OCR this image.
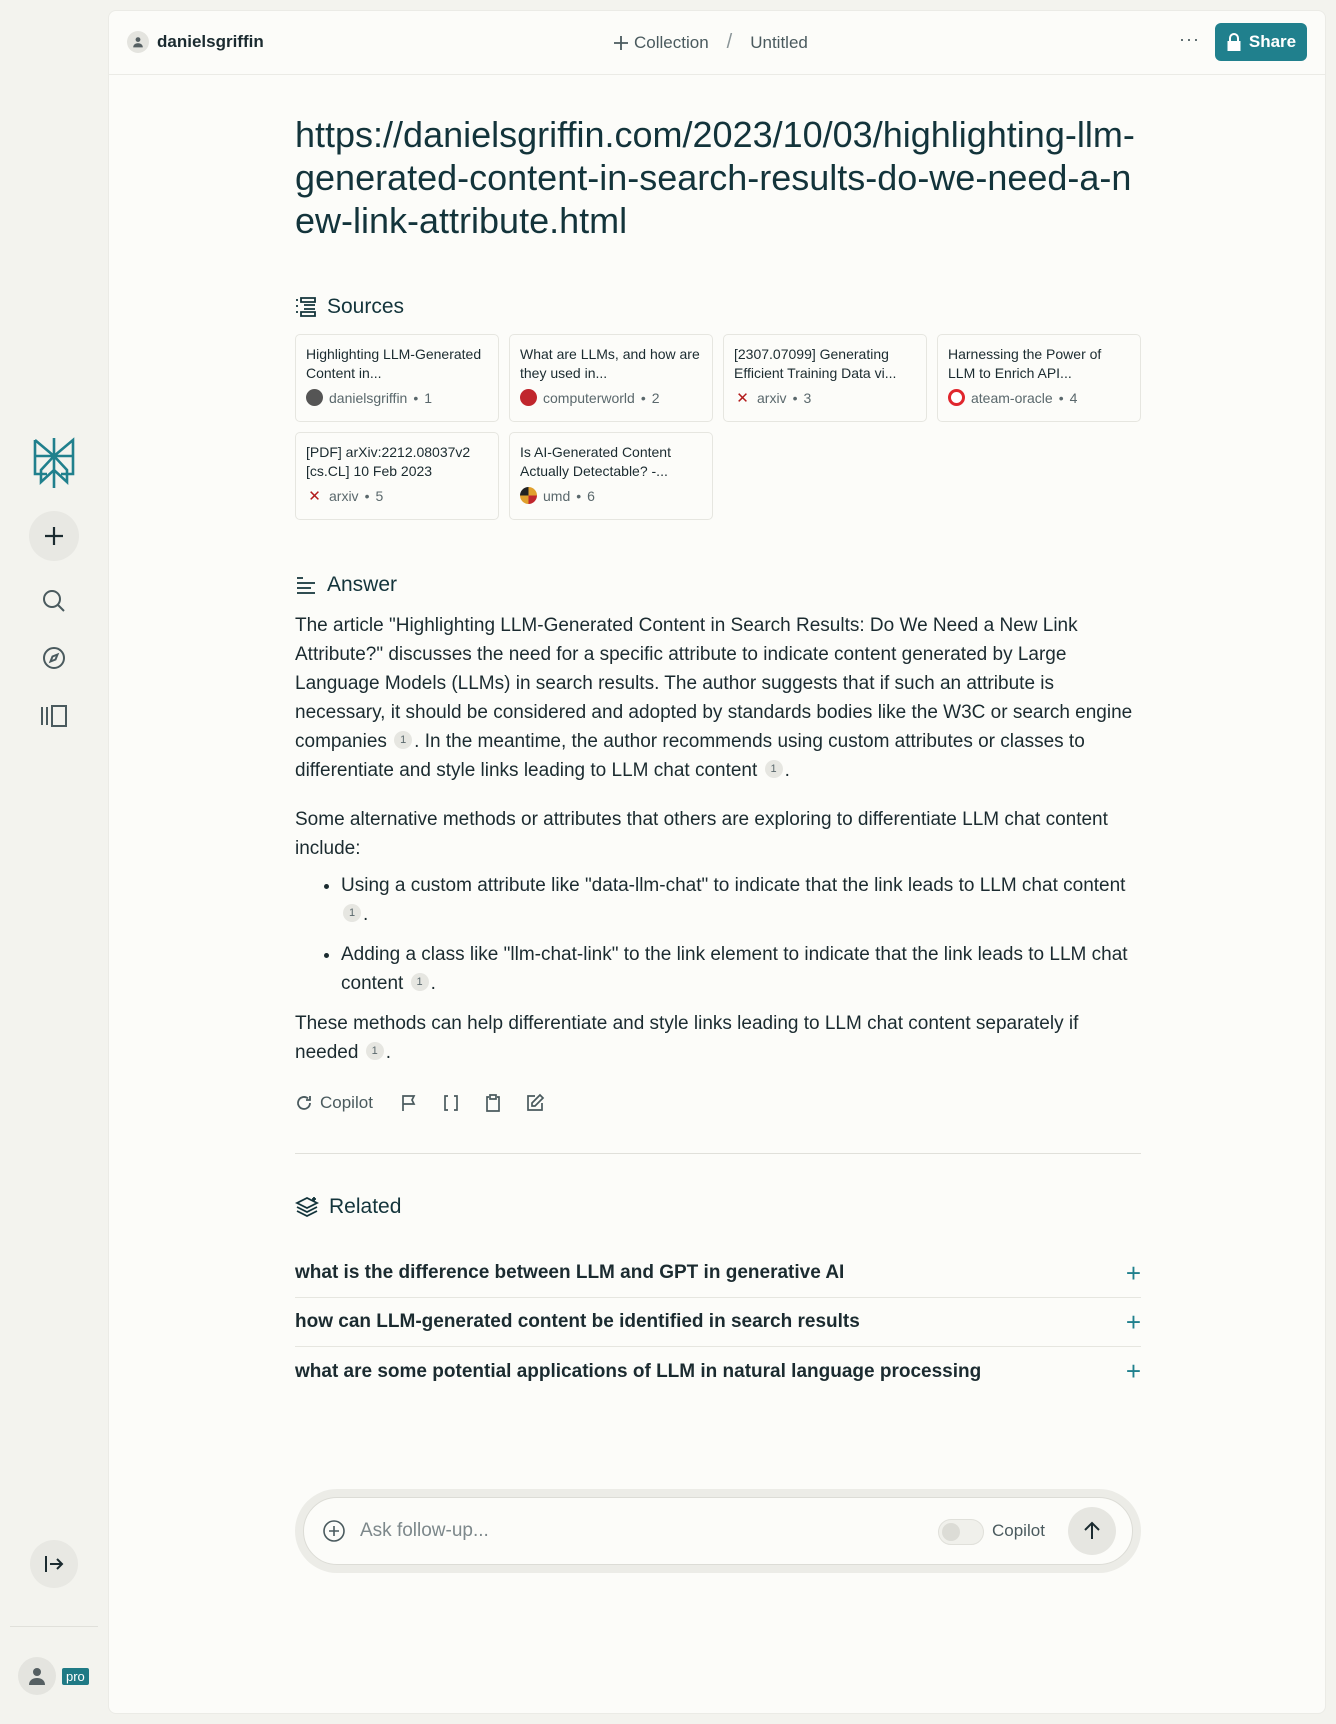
pro
danielsgriffin	Collection / Untitled	···	Share
https://danielsgriffin.com/2023/10/03/highlighting-llm-generated-content-in-search-results-do-we-need-a-new-link-attribute.html
Sources
Highlighting LLM-Generated Content in...
danielsgriffin • 1
What are LLMs, and how are they used in...
computerworld • 2
[2307.07099] Generating Efficient Training Data vi...
✕ arxiv • 3
Harnessing the Power of LLM to Enrich API...
ateam-oracle • 4
[PDF] arXiv:2212.08037v2 [cs.CL] 10 Feb 2023
✕ arxiv • 5
Is AI-Generated Content Actually Detectable? -...
umd • 6
Answer

The article "Highlighting LLM-Generated Content in Search Results: Do We Need a New Link Attribute?" discusses the need for a specific attribute to indicate content generated by Large Language Models (LLMs) in search results. The author suggests that if such an attribute is necessary, it should be considered and adopted by standards bodies like the W3C or search engine companies 1 . In the meantime, the author recommends using custom attributes or classes to differentiate and style links leading to LLM chat content 1 .

Some alternative methods or attributes that others are exploring to differentiate LLM chat content include:

• Using a custom attribute like "data-llm-chat" to indicate that the link leads to LLM chat content 1 .
• Adding a class like "llm-chat-link" to the link element to indicate that the link leads to LLM chat content 1 .

These methods can help differentiate and style links leading to LLM chat content separately if needed 1 .

Copilot
Related
what is the difference between LLM and GPT in generative AI	+
how can LLM-generated content be identified in search results	+
what are some potential applications of LLM in natural language processing	+
Ask follow-up...
Copilot
